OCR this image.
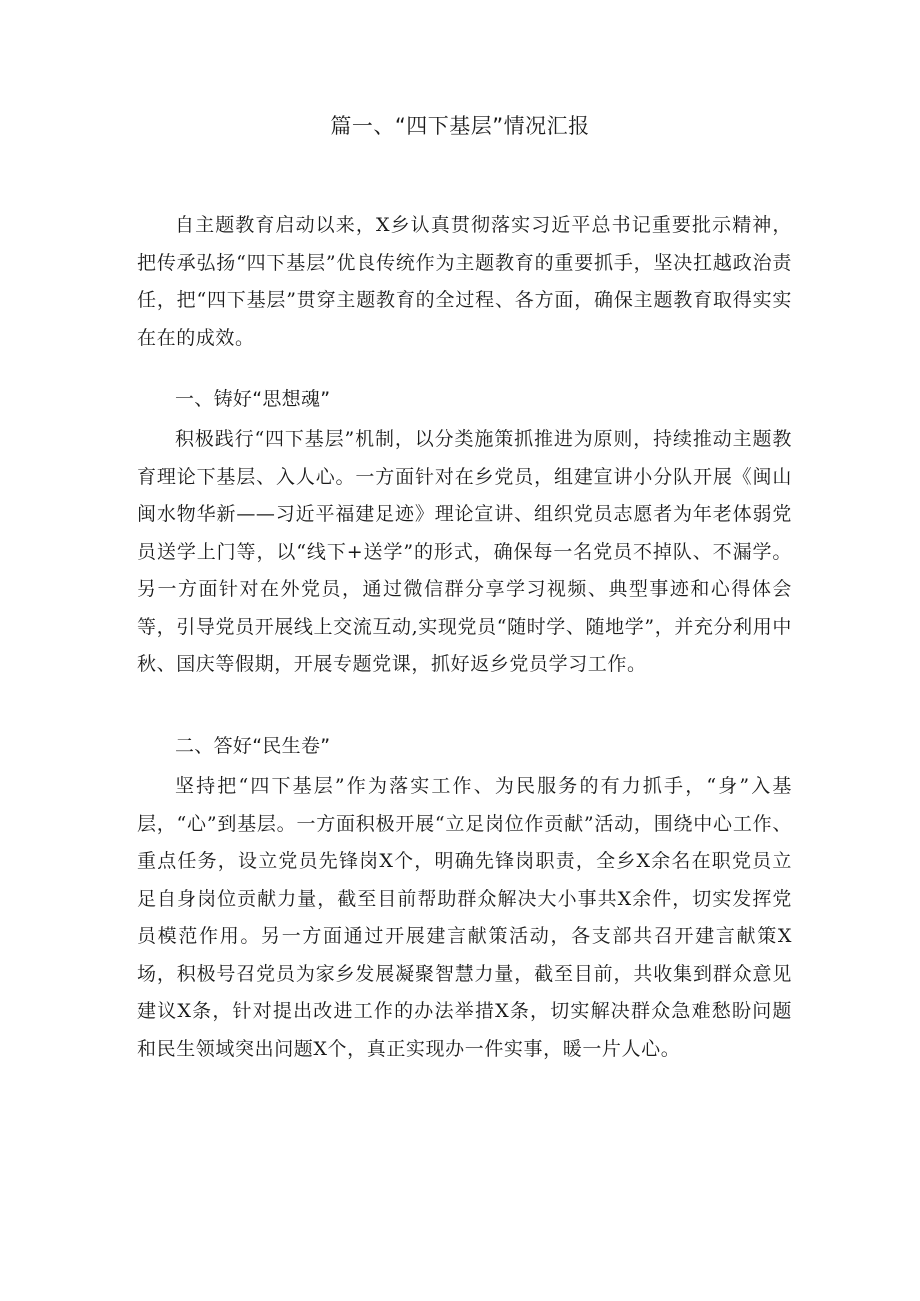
篇一、“四下基层”情况汇报

自主题教育启动以来，X乡认真贯彻落实习近平总书记重要批示精神，把传承弘扬“四下基层”优良传统作为主题教育的重要抓手，坚决扛越政治责任，把“四下基层”贯穿主题教育的全过程、各方面，确保主题教育取得实实在在的成效。

一、铸好“思想魂”

积极践行“四下基层”机制，以分类施策抓推进为原则，持续推动主题教育理论下基层、入人心。一方面针对在乡党员，组建宣讲小分队开展《闽山闽水物华新——习近平福建足迹》理论宣讲、组织党员志愿者为年老体弱党员送学上门等，以“线下+送学”的形式，确保每一名党员不掉队、不漏学。另一方面针对在外党员，通过微信群分享学习视频、典型事迹和心得体会等，引导党员开展线上交流互动,实现党员“随时学、随地学”，并充分利用中秋、国庆等假期，开展专题党课，抓好返乡党员学习工作。

二、答好“民生卷”

坚持把“四下基层”作为落实工作、为民服务的有力抓手，“身”入基层，“心”到基层。一方面积极开展“立足岗位作贡献”活动，围绕中心工作、重点任务，设立党员先锋岗X个，明确先锋岗职责，全乡X余名在职党员立足自身岗位贡献力量，截至目前帮助群众解决大小事共X余件，切实发挥党员模范作用。另一方面通过开展建言献策活动，各支部共召开建言献策X场，积极号召党员为家乡发展凝聚智慧力量，截至目前，共收集到群众意见建议X条，针对提出改进工作的办法举措X条，切实解决群众急难愁盼问题和民生领域突出问题X个，真正实现办一件实事，暖一片人心。
